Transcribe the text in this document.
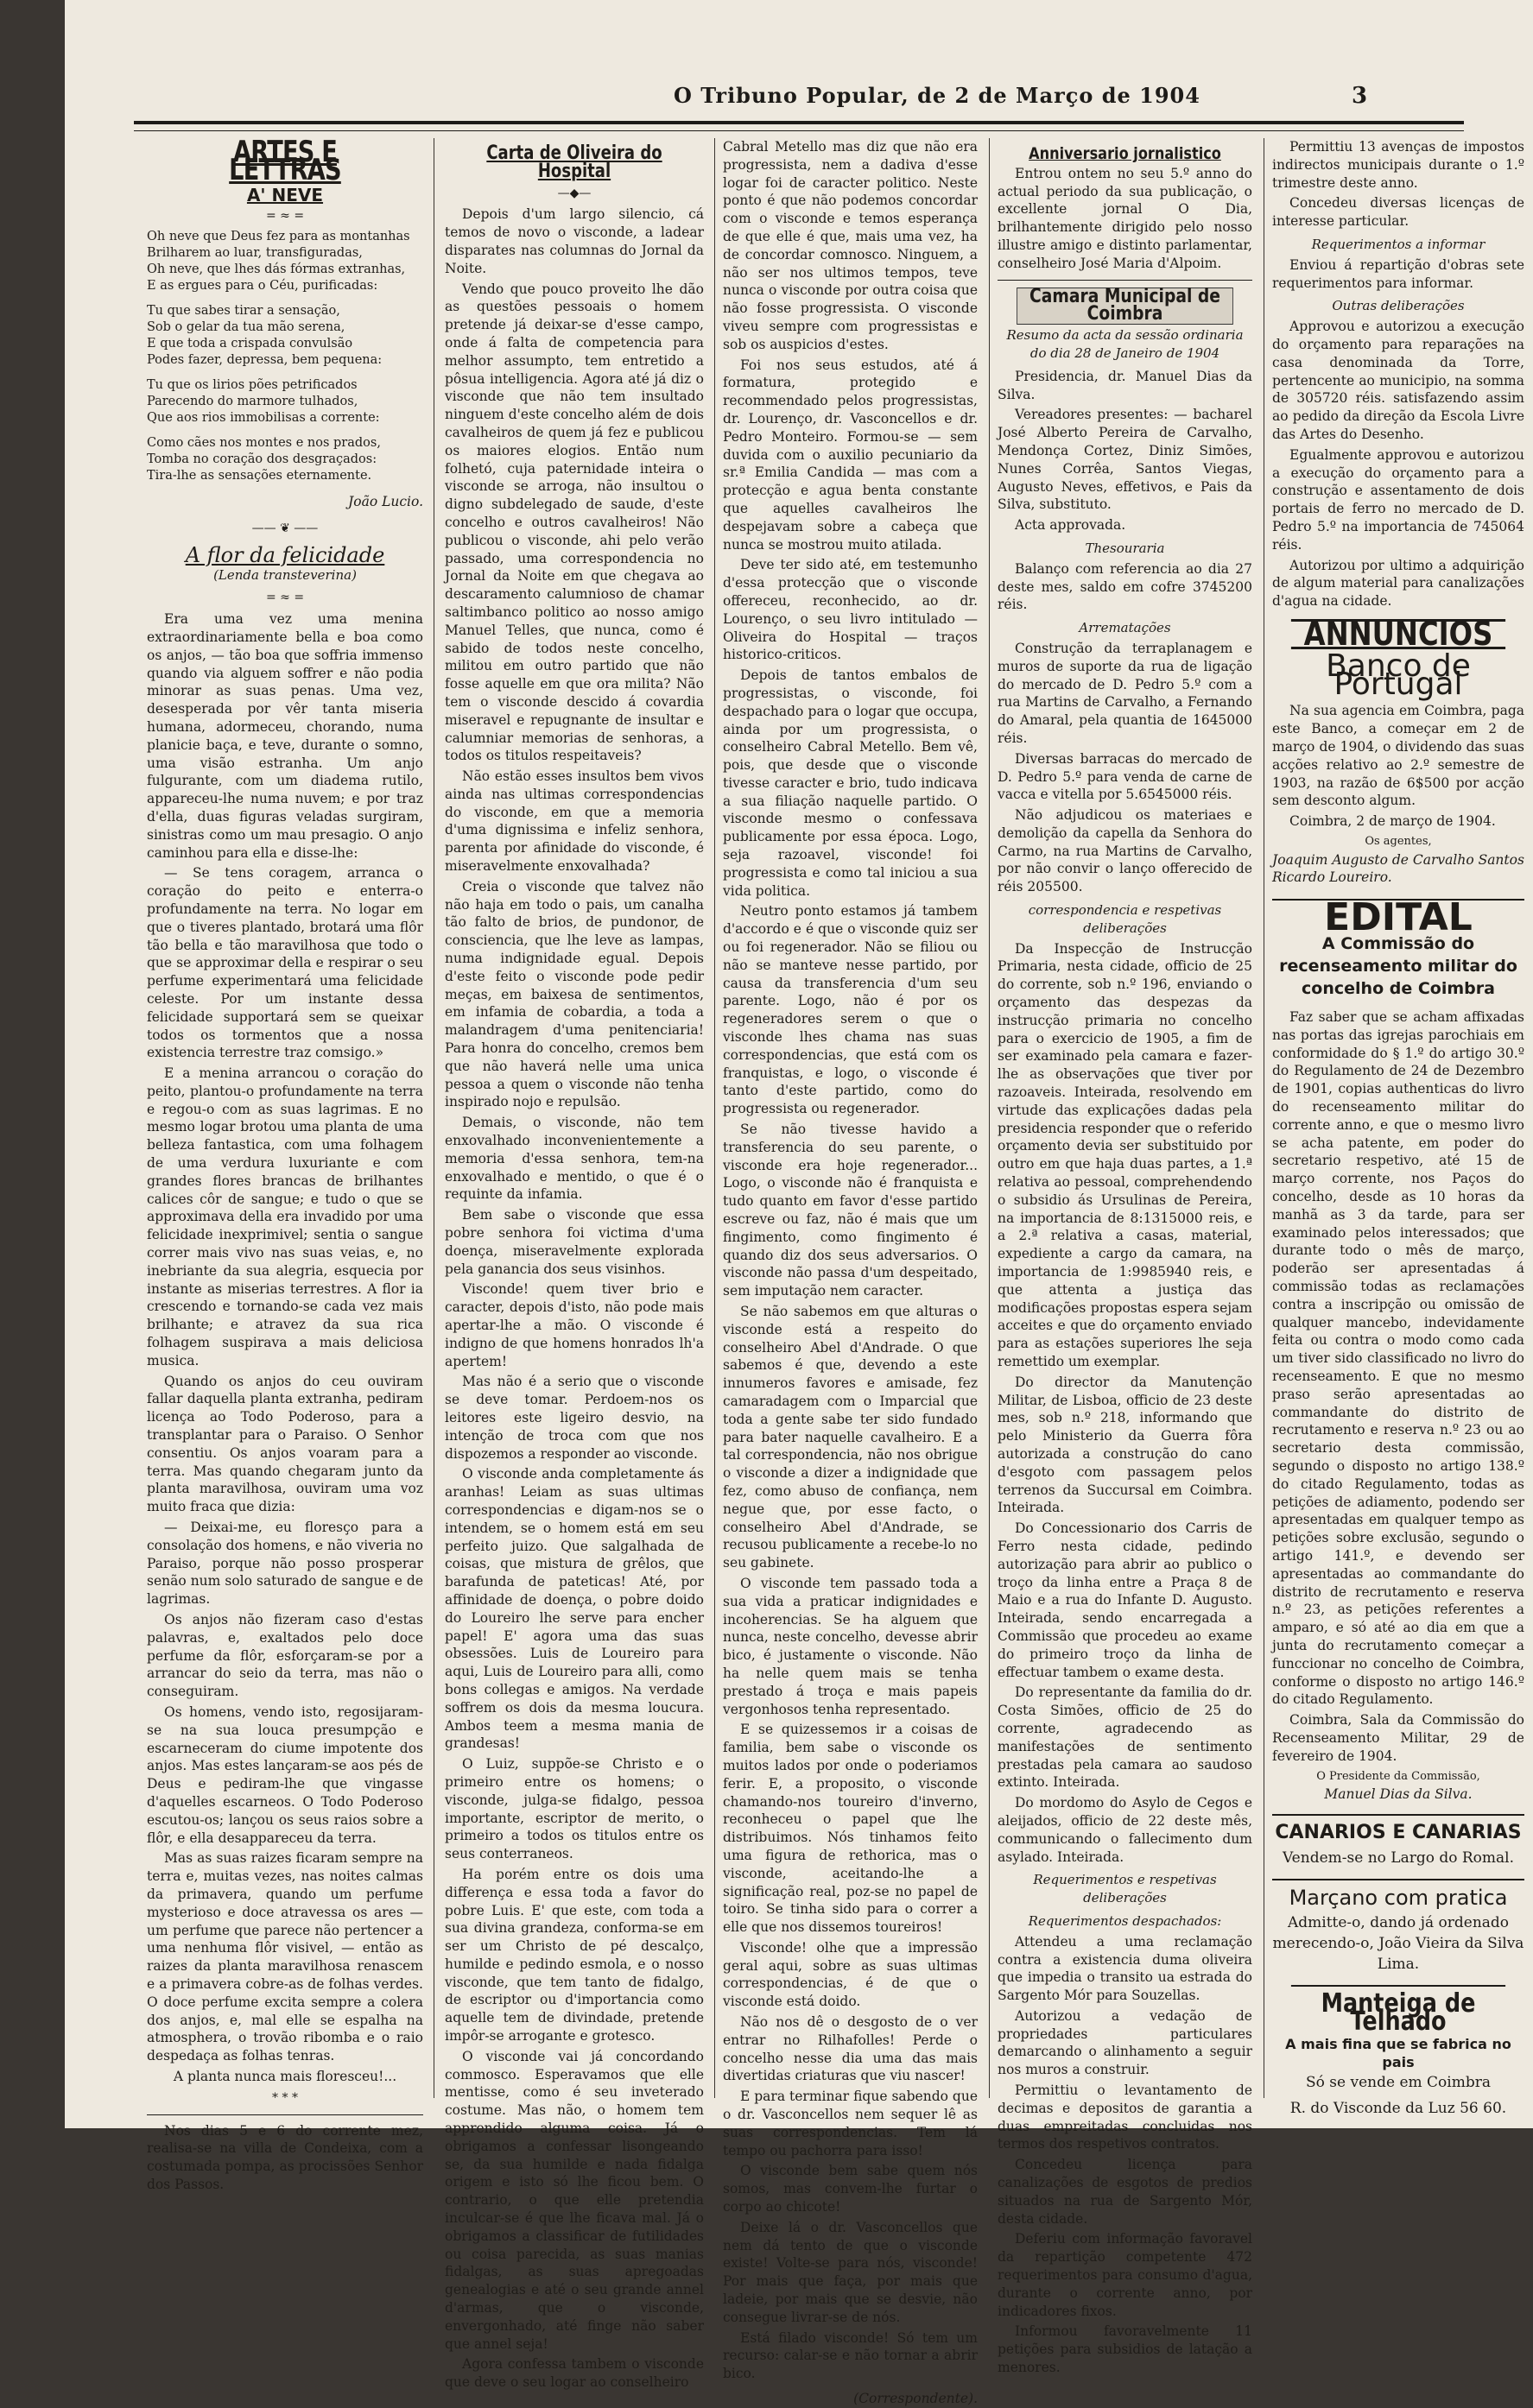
O Tribuno Popular, de 2 de Março de 1904	3
ARTES E LETTRAS
A' NEVE
= ≈ =
Oh neve que Deus fez para as montanhas
Brilharem ao luar, transfiguradas,
Oh neve, que lhes dás fórmas extranhas,
E as ergues para o Céu, purificadas:
Tu que sabes tirar a sensação,
Sob o gelar da tua mão serena,
E que toda a crispada convulsão
Podes fazer, depressa, bem pequena:
Tu que os lirios pões petrificados
Parecendo do marmore tulhados,
Que aos rios immobilisas a corrente:
Como cães nos montes e nos prados,
Tomba no coração dos desgraçados:
Tira-lhe as sensações eternamente.
João Lucio.
—— ❦ ——
A flor da felicidade
(Lenda transteverina)
= ≈ =

Era uma vez uma menina extraordinariamente bella e boa como os anjos, — tão boa que soffria immenso quando via alguem soffrer e não podia minorar as suas penas. Uma vez, desesperada por vêr tanta miseria humana, adormeceu, chorando, numa planicie baça, e teve, durante o somno, uma visão estranha. Um anjo fulgurante, com um diadema rutilo, appareceu-lhe numa nuvem; e por traz d'ella, duas figuras veladas surgiram, sinistras como um mau presagio. O anjo caminhou para ella e disse-lhe:

— Se tens coragem, arranca o coração do peito e enterra-o profundamente na terra. No logar em que o tiveres plantado, brotará uma flôr tão bella e tão maravilhosa que todo o que se approximar della e respirar o seu perfume experimentará uma felicidade celeste. Por um instante dessa felicidade supportará sem se queixar todos os tormentos que a nossa existencia terrestre traz comsigo.»

E a menina arrancou o coração do peito, plantou-o profundamente na terra e regou-o com as suas lagrimas. E no mesmo logar brotou uma planta de uma belleza fantastica, com uma folhagem de uma verdura luxuriante e com grandes flores brancas de brilhantes calices côr de sangue; e tudo o que se approximava della era invadido por uma felicidade inexprimivel; sentia o sangue correr mais vivo nas suas veias, e, no inebriante da sua alegria, esquecia por instante as miserias terrestres. A flor ia crescendo e tornando-se cada vez mais brilhante; e atravez da sua rica folhagem suspirava a mais deliciosa musica.

Quando os anjos do ceu ouviram fallar daquella planta extranha, pediram licença ao Todo Poderoso, para a transplantar para o Paraiso. O Senhor consentiu. Os anjos voaram para a terra. Mas quando chegaram junto da planta maravilhosa, ouviram uma voz muito fraca que dizia:

— Deixai-me, eu floresço para a consolação dos homens, e não viveria no Paraiso, porque não posso prosperar senão num solo saturado de sangue e de lagrimas.

Os anjos não fizeram caso d'estas palavras, e, exaltados pelo doce perfume da flôr, esforçaram-se por a arrancar do seio da terra, mas não o conseguiram.

Os homens, vendo isto, regosijaram-se na sua louca presumpção e escarneceram do ciume impotente dos anjos. Mas estes lançaram-se aos pés de Deus e pediram-lhe que vingasse d'aquelles escarneos. O Todo Poderoso escutou-os; lançou os seus raios sobre a flôr, e ella desappareceu da terra.

Mas as suas raizes ficaram sempre na terra e, muitas vezes, nas noites calmas da primavera, quando um perfume mysterioso e doce atravessa os ares — um perfume que parece não pertencer a uma nenhuma flôr visivel, — então as raizes da planta maravilhosa renascem e a primavera cobre-as de folhas verdes. O doce perfume excita sempre a colera dos anjos, e, mal elle se espalha na atmosphera, o trovão ribomba e o raio despedaça as folhas tenras.

A planta nunca mais floresceu!...

* * *

Nos dias 5 e 6 do corrente mez, realisa-se na villa de Condeixa, com a costumada pompa, as procissões Senhor dos Passos.

Carta de Oliveira do Hospital
—◆—

Depois d'um largo silencio, cá temos de novo o visconde, a ladear disparates nas columnas do Jornal da Noite.

Vendo que pouco proveito lhe dão as questões pessoais o homem pretende já deixar-se d'esse campo, onde á falta de competencia para melhor assumpto, tem entretido a pôsua intelligencia. Agora até já diz o visconde que não tem insultado ninguem d'este concelho além de dois cavalheiros de quem já fez e publicou os maiores elogios. Então num folhetó, cuja paternidade inteira o visconde se arroga, não insultou o digno subdelegado de saude, d'este concelho e outros cavalheiros! Não publicou o visconde, ahi pelo verão passado, uma correspondencia no Jornal da Noite em que chegava ao descaramento calumnioso de chamar saltimbanco politico ao nosso amigo Manuel Telles, que nunca, como é sabido de todos neste concelho, militou em outro partido que não fosse aquelle em que ora milita? Não tem o visconde descido á covardia miseravel e repugnante de insultar e calumniar memorias de senhoras, a todos os titulos respeitaveis?

Não estão esses insultos bem vivos ainda nas ultimas correspondencias do visconde, em que a memoria d'uma dignissima e infeliz senhora, parenta por afinidade do visconde, é miseravelmente enxovalhada?

Creia o visconde que talvez não não haja em todo o pais, um canalha tão falto de brios, de pundonor, de consciencia, que lhe leve as lampas, numa indignidade egual. Depois d'este feito o visconde pode pedir meças, em baixesa de sentimentos, em infamia de cobardia, a toda a malandragem d'uma penitenciaria! Para honra do concelho, cremos bem que não haverá nelle uma unica pessoa a quem o visconde não tenha inspirado nojo e repulsão.

Demais, o visconde, não tem enxovalhado inconvenientemente a memoria d'essa senhora, tem-na enxovalhado e mentido, o que é o requinte da infamia.

Bem sabe o visconde que essa pobre senhora foi victima d'uma doença, miseravelmente explorada pela ganancia dos seus visinhos.

Visconde! quem tiver brio e caracter, depois d'isto, não pode mais apertar-lhe a mão. O visconde é indigno de que homens honrados lh'a apertem!

Mas não é a serio que o visconde se deve tomar. Perdoem-nos os leitores este ligeiro desvio, na intenção de troca com que nos dispozemos a responder ao visconde.

O visconde anda completamente ás aranhas! Leiam as suas ultimas correspondencias e digam-nos se o intendem, se o homem está em seu perfeito juizo. Que salgalhada de coisas, que mistura de grêlos, que barafunda de pateticas! Até, por affinidade de doença, o pobre doido do Loureiro lhe serve para encher papel! E' agora uma das suas obsessões. Luis de Loureiro para aqui, Luis de Loureiro para alli, como bons collegas e amigos. Na verdade soffrem os dois da mesma loucura. Ambos teem a mesma mania de grandesas!

O Luiz, suppõe-se Christo e o primeiro entre os homens; o visconde, julga-se fidalgo, pessoa importante, escriptor de merito, o primeiro a todos os titulos entre os seus conterraneos.

Ha porém entre os dois uma differença e essa toda a favor do pobre Luis. E' que este, com toda a sua divina grandeza, conforma-se em ser um Christo de pé descalço, humilde e pedindo esmola, e o nosso visconde, que tem tanto de fidalgo, de escriptor ou d'importancia como aquelle tem de divindade, pretende impôr-se arrogante e grotesco.

O visconde vai já concordando commosco. Esperavamos que elle mentisse, como é seu inveterado costume. Mas não, o homem tem apprendido alguma coisa. Já o obrigamos a confessar lisongeando se, da sua humilde e nada fidalga origem e isto só lhe ficou bem. O contrario, o que elle pretendia inculcar-se é que lhe ficava mal. Já o obrigamos a classificar de futilidades ou coisa parecida, as suas manias fidalgas, as suas apregoadas genealogias e até o seu grande annel d'armas, que o visconde, envergonhado, até finge não saber que annel seja!

Agora confessa tambem o visconde que deve o seu logar ao conselheiro

Cabral Metello mas diz que não era progressista, nem a dadiva d'esse logar foi de caracter politico. Neste ponto é que não podemos concordar com o visconde e temos esperança de que elle é que, mais uma vez, ha de concordar comnosco. Ninguem, a não ser nos ultimos tempos, teve nunca o visconde por outra coisa que não fosse progressista. O visconde viveu sempre com progressistas e sob os auspicios d'estes.

Foi nos seus estudos, até á formatura, protegido e recommendado pelos progressistas, dr. Lourenço, dr. Vasconcellos e dr. Pedro Monteiro. Formou-se — sem duvida com o auxilio pecuniario da sr.ª Emilia Candida — mas com a protecção e agua benta constante que aquelles cavalheiros lhe despejavam sobre a cabeça que nunca se mostrou muito atilada.

Deve ter sido até, em testemunho d'essa protecção que o visconde offereceu, reconhecido, ao dr. Lourenço, o seu livro intitulado — Oliveira do Hospital — traços historico-criticos.

Depois de tantos embalos de progressistas, o visconde, foi despachado para o logar que occupa, ainda por um progressista, o conselheiro Cabral Metello. Bem vê, pois, que desde que o visconde tivesse caracter e brio, tudo indicava a sua filiação naquelle partido. O visconde mesmo o confessava publicamente por essa época. Logo, seja razoavel, visconde! foi progressista e como tal iniciou a sua vida politica.

Neutro ponto estamos já tambem d'accordo e é que o visconde quiz ser ou foi regenerador. Não se filiou ou não se manteve nesse partido, por causa da transferencia d'um seu parente. Logo, não é por os regeneradores serem o que o visconde lhes chama nas suas correspondencias, que está com os franquistas, e logo, o visconde é tanto d'este partido, como do progressista ou regenerador.

Se não tivesse havido a transferencia do seu parente, o visconde era hoje regenerador... Logo, o visconde não é franquista e tudo quanto em favor d'esse partido escreve ou faz, não é mais que um fingimento, como fingimento é quando diz dos seus adversarios. O visconde não passa d'um despeitado, sem imputação nem caracter.

Se não sabemos em que alturas o visconde está a respeito do conselheiro Abel d'Andrade. O que sabemos é que, devendo a este innumeros favores e amisade, fez camaradagem com o Imparcial que toda a gente sabe ter sido fundado para bater naquelle cavalheiro. E a tal correspondencia, não nos obrigue o visconde a dizer a indignidade que fez, como abuso de confiança, nem negue que, por esse facto, o conselheiro Abel d'Andrade, se recusou publicamente a recebe-lo no seu gabinete.

O visconde tem passado toda a sua vida a praticar indignidades e incoherencias. Se ha alguem que nunca, neste concelho, devesse abrir bico, é justamente o visconde. Não ha nelle quem mais se tenha prestado á troça e mais papeis vergonhosos tenha representado.

E se quizessemos ir a coisas de familia, bem sabe o visconde os muitos lados por onde o poderiamos ferir. E, a proposito, o visconde chamando-nos toureiro d'inverno, reconheceu o papel que lhe distribuimos. Nós tinhamos feito uma figura de rethorica, mas o visconde, aceitando-lhe a significação real, poz-se no papel de toiro. Se tinha sido para o correr a elle que nos dissemos toureiros!

Visconde! olhe que a impressão geral aqui, sobre as suas ultimas correspondencias, é de que o visconde está doido.

Não nos dê o desgosto de o ver entrar no Rilhafolles! Perde o concelho nesse dia uma das mais divertidas criaturas que viu nascer!

E para terminar fique sabendo que o dr. Vasconcellos nem sequer lê as suas correspondencias. Tem lá tempo ou pachorra para isso!

O visconde bem sabe quem nós somos, mas convem-lhe furtar o corpo ao chicote!

Deixe lá o dr. Vasconcellos que nem dá tento de que o visconde existe! Volte-se para nós, visconde! Por mais que faça, por mais que ladeie, por mais que se desvie, não consegue livrar-se de nós.

Está filado visconde! Só tem um recurso: calar-se e não tornar a abrir bico.

(Correspondente).
Anniversario jornalistico

Entrou ontem no seu 5.º anno do actual periodo da sua publicação, o excellente jornal O Dia, brilhantemente dirigido pelo nosso illustre amigo e distinto parlamentar, conselheiro José Maria d'Alpoim.

Camara Municipal de Coimbra
Resumo da acta da sessão ordinaria do dia 28 de Janeiro de 1904

Presidencia, dr. Manuel Dias da Silva.

Vereadores presentes: — bacharel José Alberto Pereira de Carvalho, Mendonça Cortez, Diniz Simões, Nunes Corrêa, Santos Viegas, Augusto Neves, effetivos, e Pais da Silva, substituto.

Acta approvada.

Thesouraria

Balanço com referencia ao dia 27 deste mes, saldo em cofre 3745200 réis.

Arrematações

Construção da terraplanagem e muros de suporte da rua de ligação do mercado de D. Pedro 5.º com a rua Martins de Carvalho, a Fernando do Amaral, pela quantia de 1645000 réis.

Diversas barracas do mercado de D. Pedro 5.º para venda de carne de vacca e vitella por 5.6545000 réis.

Não adjudicou os materiaes e demolição da capella da Senhora do Carmo, na rua Martins de Carvalho, por não convir o lanço offerecido de réis 205500.

correspondencia e respetivas deliberações

Da Inspecção de Instrucção Primaria, nesta cidade, officio de 25 do corrente, sob n.º 196, enviando o orçamento das despezas da instrucção primaria no concelho para o exercicio de 1905, a fim de ser examinado pela camara e fazer-lhe as observações que tiver por razoaveis. Inteirada, resolvendo em virtude das explicações dadas pela presidencia responder que o referido orçamento devia ser substituido por outro em que haja duas partes, a 1.ª relativa ao pessoal, comprehendendo o subsidio ás Ursulinas de Pereira, na importancia de 8:1315000 reis, e a 2.ª relativa a casas, material, expediente a cargo da camara, na importancia de 1:9985940 reis, e que attenta a justiça das modificações propostas espera sejam acceites e que do orçamento enviado para as estações superiores lhe seja remettido um exemplar.

Do director da Manutenção Militar, de Lisboa, officio de 23 deste mes, sob n.º 218, informando que pelo Ministerio da Guerra fôra autorizada a construção do cano d'esgoto com passagem pelos terrenos da Succursal em Coimbra. Inteirada.

Do Concessionario dos Carris de Ferro nesta cidade, pedindo autorização para abrir ao publico o troço da linha entre a Praça 8 de Maio e a rua do Infante D. Augusto. Inteirada, sendo encarregada a Commissão que procedeu ao exame do primeiro troço da linha de effectuar tambem o exame desta.

Do representante da familia do dr. Costa Simões, officio de 25 do corrente, agradecendo as manifestações de sentimento prestadas pela camara ao saudoso extinto. Inteirada.

Do mordomo do Asylo de Cegos e aleijados, officio de 22 deste mês, communicando o fallecimento dum asylado. Inteirada.

Requerimentos e respetivas deliberações
Requerimentos despachados:

Attendeu a uma reclamação contra a existencia duma oliveira que impedia o transito ua estrada do Sargento Mór para Souzellas.

Autorizou a vedação de propriedades particulares demarcando o alinhamento a seguir nos muros a construir.

Permittiu o levantamento de decimas e depositos de garantia a duas empreitadas concluidas nos termos dos respetivos contratos.

Concedeu licença para canalizações de esgotos de predios situados na rua de Sargento Mór, desta cidade.

Deferiu com informação favoravel da repartição competente 472 requerimentos para consumo d'agua, durante o corrente anno, por indicadores fixos.

Informou favoravelmente 11 petições para subsidios de latação a menores.

Permittiu 13 avenças de impostos indirectos municipais durante o 1.º trimestre deste anno.

Concedeu diversas licenças de interesse particular.

Requerimentos a informar

Enviou á repartição d'obras sete requerimentos para informar.

Outras deliberações

Approvou e autorizou a execução do orçamento para reparações na casa denominada da Torre, pertencente ao municipio, na somma de 305720 réis. satisfazendo assim ao pedido da direção da Escola Livre das Artes do Desenho.

Egualmente approvou e autorizou a execução do orçamento para a construção e assentamento de dois portais de ferro no mercado de D. Pedro 5.º na importancia de 745064 réis.

Autorizou por ultimo a adquirição de algum material para canalizações d'agua na cidade.

ANNUNCIOS
Banco de Portugal

Na sua agencia em Coimbra, paga este Banco, a começar em 2 de março de 1904, o dividendo das suas acções relativo ao 2.º semestre de 1903, na razão de 6$500 por acção sem desconto algum.

Coimbra, 2 de março de 1904.

Os agentes,
Joaquim Augusto de Carvalho Santos
Ricardo Loureiro.
EDITAL
A Commissão do recenseamento militar do concelho de Coimbra

Faz saber que se acham affixadas nas portas das igrejas parochiais em conformidade do § 1.º do artigo 30.º do Regulamento de 24 de Dezembro de 1901, copias authenticas do livro do recenseamento militar do corrente anno, e que o mesmo livro se acha patente, em poder do secretario respetivo, até 15 de março corrente, nos Paços do concelho, desde as 10 horas da manhã as 3 da tarde, para ser examinado pelos interessados; que durante todo o mês de março, poderão ser apresentadas á commissão todas as reclamações contra a inscripção ou omissão de qualquer mancebo, indevidamente feita ou contra o modo como cada um tiver sido classificado no livro do recenseamento. E que no mesmo praso serão apresentadas ao commandante do distrito de recrutamento e reserva n.º 23 ou ao secretario desta commissão, segundo o disposto no artigo 138.º do citado Regulamento, todas as petições de adiamento, podendo ser apresentadas em qualquer tempo as petições sobre exclusão, segundo o artigo 141.º, e devendo ser apresentadas ao commandante do distrito de recrutamento e reserva n.º 23, as petições referentes a amparo, e só até ao dia em que a junta do recrutamento começar a funccionar no concelho de Coimbra, conforme o disposto no artigo 146.º do citado Regulamento.

Coimbra, Sala da Commissão do Recenseamento Militar, 29 de fevereiro de 1904.

O Presidente da Commissão,
Manuel Dias da Silva.
CANARIOS E CANARIAS
Vendem-se no Largo do Romal.
Marçano com pratica
Admitte-o, dando já ordenado merecendo-o, João Vieira da Silva Lima.
Manteiga de Telhado
A mais fina que se fabrica no pais
Só se vende em Coimbra
R. do Visconde da Luz 56 60.
